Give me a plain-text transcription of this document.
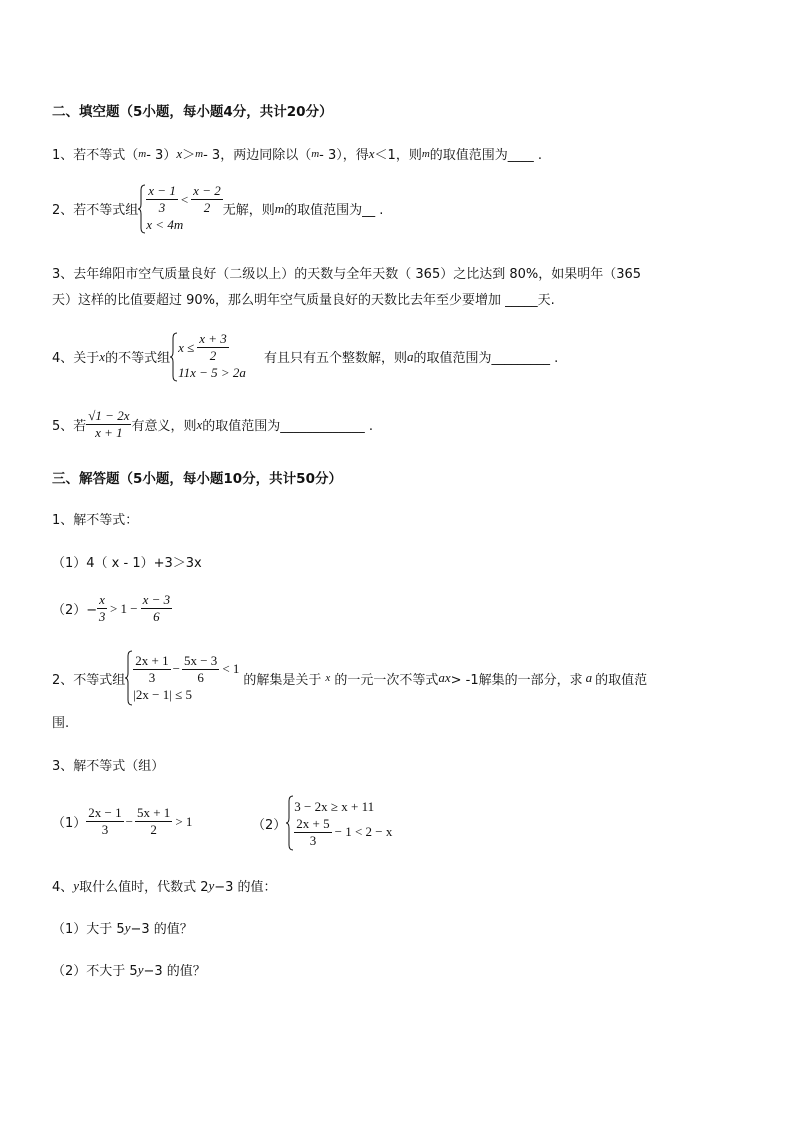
二、填空题（5小题，每小题4分，共计20分）
1、若不等式（ m - 3） x ＞ m - 3，两边同除以（ m - 3），得 x ＜1，则 m 的取值范围为____ .
2、若不等式组 $\frac{x - 1}{3} < \frac{x - 2}{2}$
x < 4m
无解，则 m 的取值范围为__ .
3、去年绵阳市空气质量良好（二级以上）的天数与全年天数（ 365）之比达到 80%，如果明年（365
天）这样的比值要超过 90%，那么明年空气质量良好的天数比去年至少要增加 _____天.
4、关于 x 的不等式组
$x \le \frac{x + 3}{2}$
11x − 5 > 2a
有且只有五个整数解，则 a 的取值范围为_________ .
5、若 $\frac{√1 - 2x}{x + 1}$ 有意义，则 x 的取值范围为_____________ .
三、解答题（5小题，每小题10分，共计50分）
1、解不等式：
（1）4（ x - 1）+3＞3x
$(2)- \frac{x}{3} > 1 - \frac{x - 3}{6}$
2、不等式组 $\frac{2x + 1}{3} - \frac{5x - 3}{6} < 1$
|2x − 1| ≤ 5
的解集是关于 x 的一元一次不等式 ax > -1解集的一部分，求 a 的取值范
围.
3、解不等式（组）
$(1) \frac{2x - 1}{3} - \frac{5x + 1}{2} > 1$	（2）
3 − 2x ≥ x + 11
$\frac{2x + 5}{3} - 1 < 2 - x$
4、 y 取什么值时，代数式 2 y −3 的值：
（1）大于 5 y −3 的值？
（2）不大于 5 y −3 的值？
